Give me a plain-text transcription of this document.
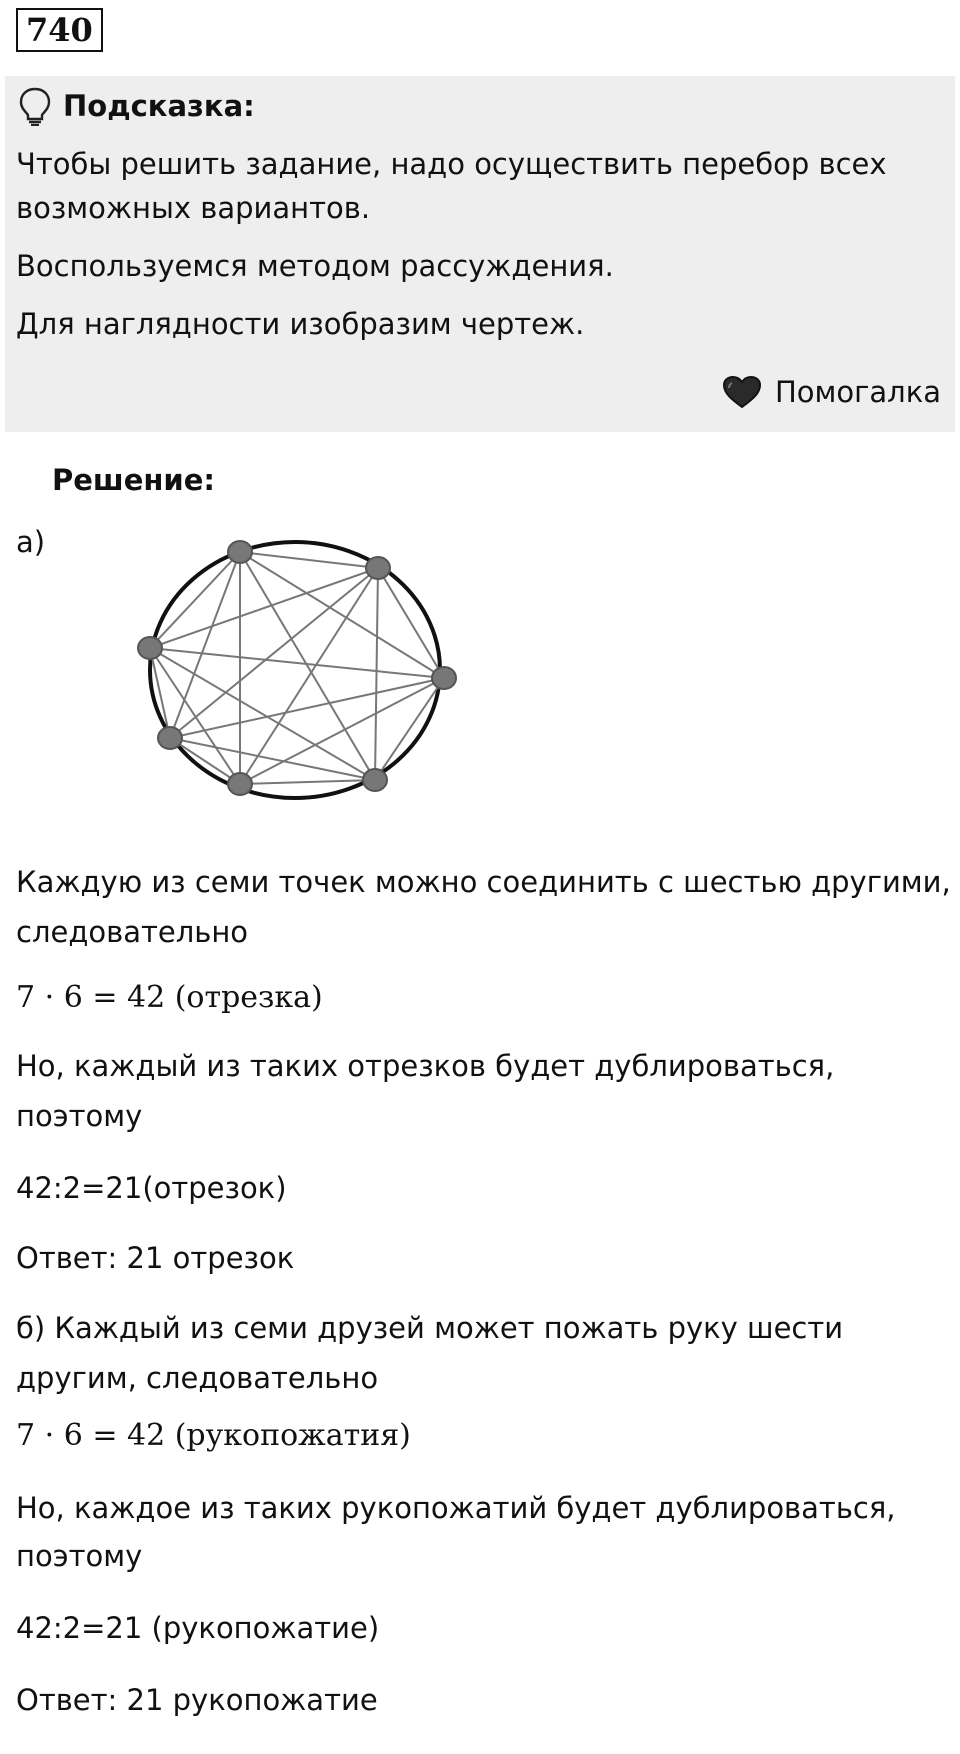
740
Подсказка:
Чтобы решить задание, надо осуществить перебор всех
возможных вариантов.
Воспользуемся методом рассуждения.
Для наглядности изобразим чертеж.
Помогалка
Решение:
а)
Каждую из семи точек можно соединить с шестью другими,
следовательно
7 · 6 = 42 (отрезка)
Но, каждый из таких отрезков будет дублироваться,
поэтому
42:2=21(отрезок)
Ответ: 21 отрезок
б) Каждый из семи друзей может пожать руку шести
другим, следовательно
7 · 6 = 42 (рукопожатия)
Но, каждое из таких рукопожатий будет дублироваться,
поэтому
42:2=21 (рукопожатие)
Ответ: 21 рукопожатие
